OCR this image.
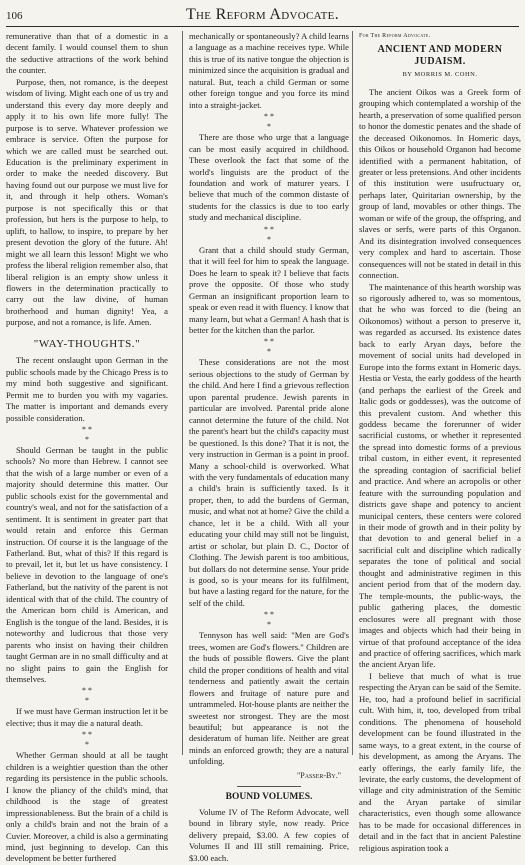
106	The Reform Advocate.

remunerative than that of a domestic in a decent family. I would counsel them to shun the seductive attractions of the work behind the counter.

Purpose, then, not romance, is the deepest wisdom of living. Might each one of us try and understand this every day more deeply and apply it to his own life more fully! The purpose is to serve. Whatever profession we embrace is service. Often the purpose for which we are called must be searched out. Education is the preliminary experiment in order to make the needed discovery. But having found out our purpose we must live for it, and through it help others. Woman's purpose is not specifically this or that profession, but hers is the purpose to help, to uplift, to hallow, to inspire, to prepare by her present devotion the glory of the future. Ah! might we all learn this lesson! Might we who profess the liberal religion remember also, that liberal religion is an empty show unless it flowers in the determination practically to carry out the law divine, of human brotherhood and human dignity! Yea, a purpose, and not a romance, is life. Amen.

"WAY-THOUGHTS."

The recent onslaught upon German in the public schools made by the Chicago Press is to my mind both suggestive and significant. Permit me to burden you with my vagaries. The matter is important and demands every possible consideration.

* *
*

Should German be taught in the public schools? No more than Hebrew. I cannot see that the wish of a large number or even of a majority should determine this matter. Our public schools exist for the governmental and country's weal, and not for the satisfaction of a sentiment. It is sentiment in greater part that would retain and enforce this German instruction. Of course it is the language of the Fatherland. But, what of this? If this regard is to prevail, let it, but let us have consistency. I believe in devotion to the language of one's Fatherland, but the nativity of the parent is not identical with that of the child. The country of the American born child is American, and English is the tongue of the land. Besides, it is noteworthy and ludicrous that those very parents who insist on having their children taught German are in no small difficulty and at no slight pains to gain the English for themselves.

* *
*

If we must have German instruction let it be elective; thus it may die a natural death.

* *
*

Whether German should at all be taught children is a weightier question than the other regarding its persistence in the public schools. I know the pliancy of the child's mind, that childhood is the stage of greatest impressionableness. But the brain of a child is only a child's brain and not the brain of a Cuvier. Moreover, a child is also a germinating mind, just beginning to develop. Can this development be better furthered

mechanically or spontaneously? A child learns a language as a machine receives type. While this is true of its native tongue the objection is minimized since the acquisition is gradual and natural. But, teach a child German or some other foreign tongue and you force its mind into a straight-jacket.

* *
*

There are those who urge that a language can be most easily acquired in childhood. These overlook the fact that some of the world's linguists are the product of the foundation and work of maturer years. I believe that much of the common distaste of students for the classics is due to too early study and mechanical discipline.

* *
*

Grant that a child should study German, that it will feel for him to speak the language. Does he learn to speak it? I believe that facts prove the opposite. Of those who study German an insignificant proportion learn to speak or even read it with fluency. I know that many learn, but what a German! A hash that is better for the kitchen than the parlor.

* *
*

These considerations are not the most serious objections to the study of German by the child. And here I find a grievous reflection upon parental prudence. Jewish parents in particular are involved. Parental pride alone cannot determine the future of the child. Not the parent's heart but the child's capacity must be questioned. Is this done? That it is not, the very instruction in German is a point in proof. Many a school-child is overworked. What with the very fundamentals of education many a child's brain is sufficiently taxed. Is it proper, then, to add the burdens of German, music, and what not at home? Give the child a chance, let it be a child. With all your educating your child may still not be linguist, artist or scholar, but plain D. C., Doctor of Clothing. The Jewish parent is too ambitious, but dollars do not determine sense. Your pride is good, so is your means for its fulfilment, but have a lasting regard for the nature, for the self of the child.

* *
*

Tennyson has well said: "Men are God's trees, women are God's flowers." Children are the buds of possible flowers. Give the plant child the proper conditions of health and vital tenderness and patiently await the certain flowers and fruitage of nature pure and untrammeled. Hot-house plants are neither the sweetest nor strongest. They are the most beautiful; but appearance is not the desideratum of human life. Neither are great minds an enforced growth; they are a natural unfolding.

"Passer-By."
BOUND VOLUMES.

Volume IV of The Reform Advocate, well bound in library style, now ready. Price delivery prepaid, $3.00. A few copies of Volumes II and III still remaining. Price, $3.00 each.

For The Reform Advocate.
ANCIENT AND MODERN JUDAISM.
BY MORRIS M. COHN.

The ancient Oikos was a Greek form of grouping which contemplated a worship of the hearth, a preservation of some qualified person to honor the domestic penates and the shade of the deceased Oikonomos. In Homeric days, this Oikos or household Organon had become identified with a permanent habitation, of greater or less pretensions. And other incidents of this institution were usufructuary or, perhaps later, Quiritarian ownership, by the group of land, movables or other things. The woman or wife of the group, the offspring, and slaves or serfs, were parts of this Organon. And its disintegration involved consequences very complex and hard to ascertain. Those consequences will not be stated in detail in this connection.

The maintenance of this hearth worship was so rigorously adhered to, was so momentous, that he who was forced to die (being an Oikonomos) without a person to preserve it, was regarded as accursed. Its existence dates back to early Aryan days, before the movement of social units had developed in Europe into the forms extant in Homeric days. Hestia or Vesta, the early goddess of the hearth (and perhaps the earliest of the Greek and Italic gods or goddesses), was the outcome of this prevalent custom. And whether this goddess became the forerunner of wider sacrificial customs, or whether it represented the spread into domestic forms of a previous tribal custom, in either event, it represented the spreading contagion of sacrificial belief and practice. And where an acropolis or other feature with the surrounding population and districts gave shape and potency to ancient municipal centers, these centers were colored in their mode of growth and in their polity by that devotion to and general belief in a sacrificial cult and discipline which radically separates the tone of political and social thought and administrative regimen in this ancient period from that of the modern day. The temple-mounts, the public-ways, the public gathering places, the domestic enclosures were all pregnant with those images and objects which had their being in virtue of that profound acceptance of the idea and practice of offering sacrifices, which mark the ancient Aryan life.

I believe that much of what is true respecting the Aryan can be said of the Semite. He, too, had a profound belief in sacrificial cult. With him, it, too, developed from tribal conditions. The phenomena of household development can be found illustrated in the same ways, to a great extent, in the course of his development, as among the Aryans. The early offerings, the early family life, the levirate, the early customs, the development of village and city administration of the Semitic and the Aryan partake of similar characteristics, even though some allowance has to be made for occasional differences in detail and in the fact that in ancient Palestine religious aspiration took a
